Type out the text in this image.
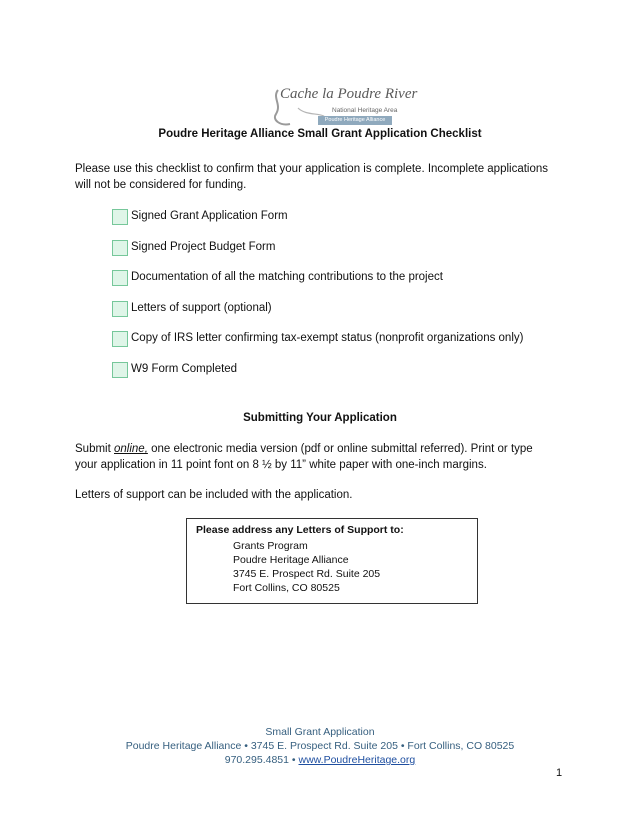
Cache la Poudre River
National Heritage Area
Poudre Heritage Alliance
Poudre Heritage Alliance Small Grant Application Checklist
Please use this checklist to confirm that your application is complete. Incomplete applications
will not be considered for funding.
Signed Grant Application Form
Signed Project Budget Form
Documentation of all the matching contributions to the project
Letters of support (optional)
Copy of IRS letter confirming tax-exempt status (nonprofit organizations only)
W9 Form Completed
Submitting Your Application
Submit online, one electronic media version (pdf or online submittal referred). Print or type
your application in 11 point font on 8 ½ by 11” white paper with one-inch margins.
Letters of support can be included with the application.
Please address any Letters of Support to:
Grants Program
Poudre Heritage Alliance
3745 E. Prospect Rd. Suite 205
Fort Collins, CO 80525
Small Grant Application
Poudre Heritage Alliance • 3745 E. Prospect Rd. Suite 205 • Fort Collins, CO 80525
970.295.4851 • www.PoudreHeritage.org
1
